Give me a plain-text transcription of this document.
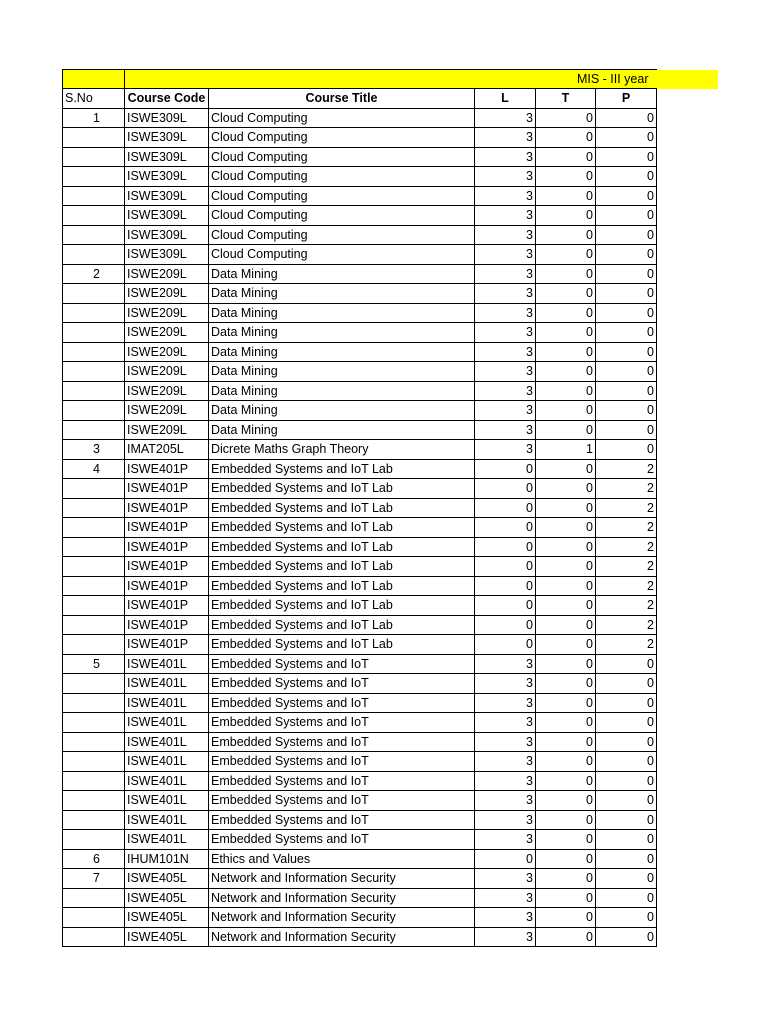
	MIS - III year					
S.No	Course Code	Course Title	L	T	P	
1	ISWE309L	Cloud Computing	3	0	0	
	ISWE309L	Cloud Computing	3	0	0	
	ISWE309L	Cloud Computing	3	0	0	
	ISWE309L	Cloud Computing	3	0	0	
	ISWE309L	Cloud Computing	3	0	0	
	ISWE309L	Cloud Computing	3	0	0	
	ISWE309L	Cloud Computing	3	0	0	
	ISWE309L	Cloud Computing	3	0	0	
2	ISWE209L	Data Mining	3	0	0	
	ISWE209L	Data Mining	3	0	0	
	ISWE209L	Data Mining	3	0	0	
	ISWE209L	Data Mining	3	0	0	
	ISWE209L	Data Mining	3	0	0	
	ISWE209L	Data Mining	3	0	0	
	ISWE209L	Data Mining	3	0	0	
	ISWE209L	Data Mining	3	0	0	
	ISWE209L	Data Mining	3	0	0	
3	IMAT205L	Dicrete Maths Graph Theory	3	1	0	
4	ISWE401P	Embedded Systems and IoT Lab	0	0	2	
	ISWE401P	Embedded Systems and IoT Lab	0	0	2	
	ISWE401P	Embedded Systems and IoT Lab	0	0	2	
	ISWE401P	Embedded Systems and IoT Lab	0	0	2	
	ISWE401P	Embedded Systems and IoT Lab	0	0	2	
	ISWE401P	Embedded Systems and IoT Lab	0	0	2	
	ISWE401P	Embedded Systems and IoT Lab	0	0	2	
	ISWE401P	Embedded Systems and IoT Lab	0	0	2	
	ISWE401P	Embedded Systems and IoT Lab	0	0	2	
	ISWE401P	Embedded Systems and IoT Lab	0	0	2	
5	ISWE401L	Embedded Systems and IoT	3	0	0	
	ISWE401L	Embedded Systems and IoT	3	0	0	
	ISWE401L	Embedded Systems and IoT	3	0	0	
	ISWE401L	Embedded Systems and IoT	3	0	0	
	ISWE401L	Embedded Systems and IoT	3	0	0	
	ISWE401L	Embedded Systems and IoT	3	0	0	
	ISWE401L	Embedded Systems and IoT	3	0	0	
	ISWE401L	Embedded Systems and IoT	3	0	0	
	ISWE401L	Embedded Systems and IoT	3	0	0	
	ISWE401L	Embedded Systems and IoT	3	0	0	
6	IHUM101N	Ethics and Values	0	0	0	
7	ISWE405L	Network and Information Security	3	0	0	
	ISWE405L	Network and Information Security	3	0	0	
	ISWE405L	Network and Information Security	3	0	0	
	ISWE405L	Network and Information Security	3	0	0	
